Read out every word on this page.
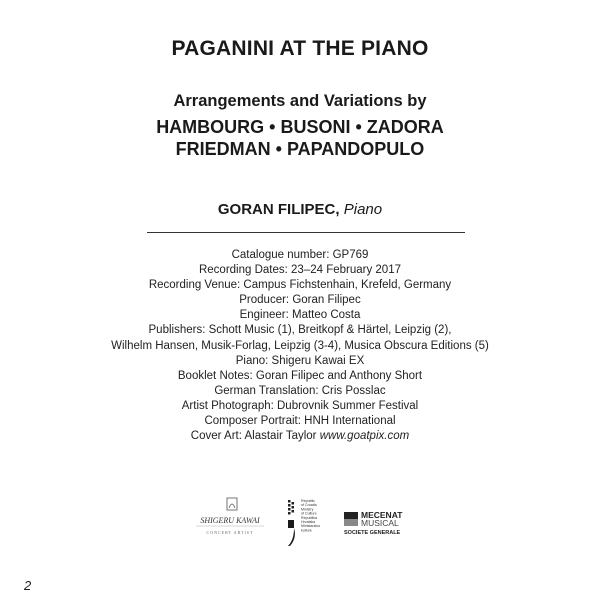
PAGANINI AT THE PIANO
Arrangements and Variations by
HAMBOURG • BUSONI • ZADORA
FRIEDMAN • PAPANDOPULO
GORAN FILIPEC, Piano
Catalogue number: GP769
Recording Dates: 23–24 February 2017
Recording Venue: Campus Fichstenhain, Krefeld, Germany
Producer: Goran Filipec
Engineer: Matteo Costa
Publishers: Schott Music (1), Breitkopf & Härtel, Leipzig (2),
Wilhelm Hansen, Musik-Forlag, Leipzig (3-4), Musica Obscura Editions (5)
Piano: Shigeru Kawai EX
Booklet Notes: Goran Filipec and Anthony Short
German Translation: Cris Posslac
Artist Photograph: Dubrovnik Summer Festival
Composer Portrait: HNH International
Cover Art: Alastair Taylor www.goatpix.com
SHIGERU KAWAI
CONCERT ARTIST
Republic of Croatia Ministry of Culture Republika Hrvatska Ministarstvo kulture
MECENAT
MUSICAL
SOCIETE GENERALE
2
